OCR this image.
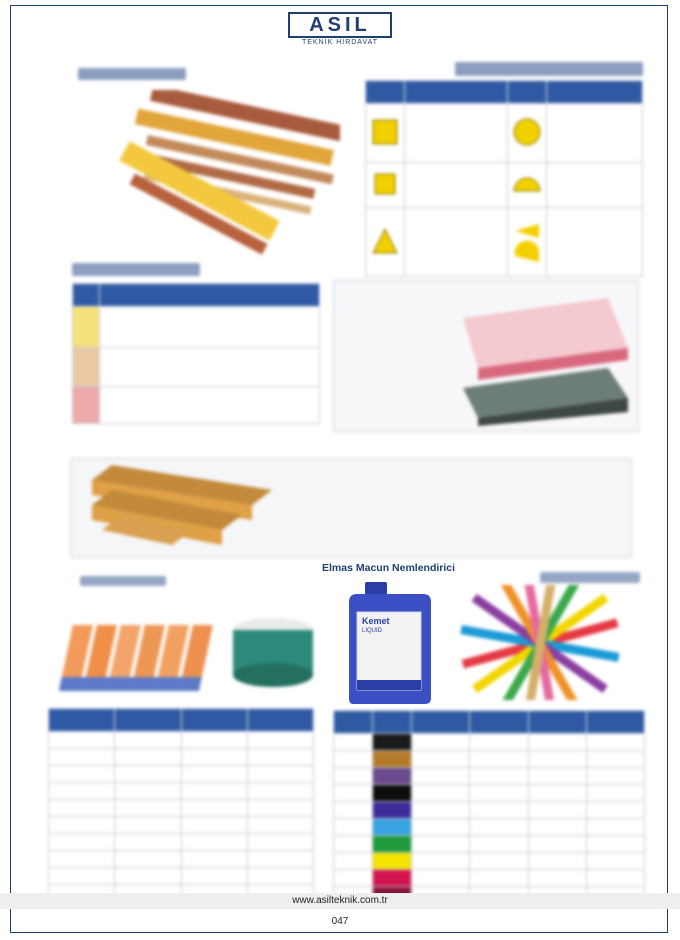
ASIL
TEKNİK HIRDAVAT

Elmas Macun Nemlendirici
Kemet
LIQUID
www.asilteknik.com.tr
047
